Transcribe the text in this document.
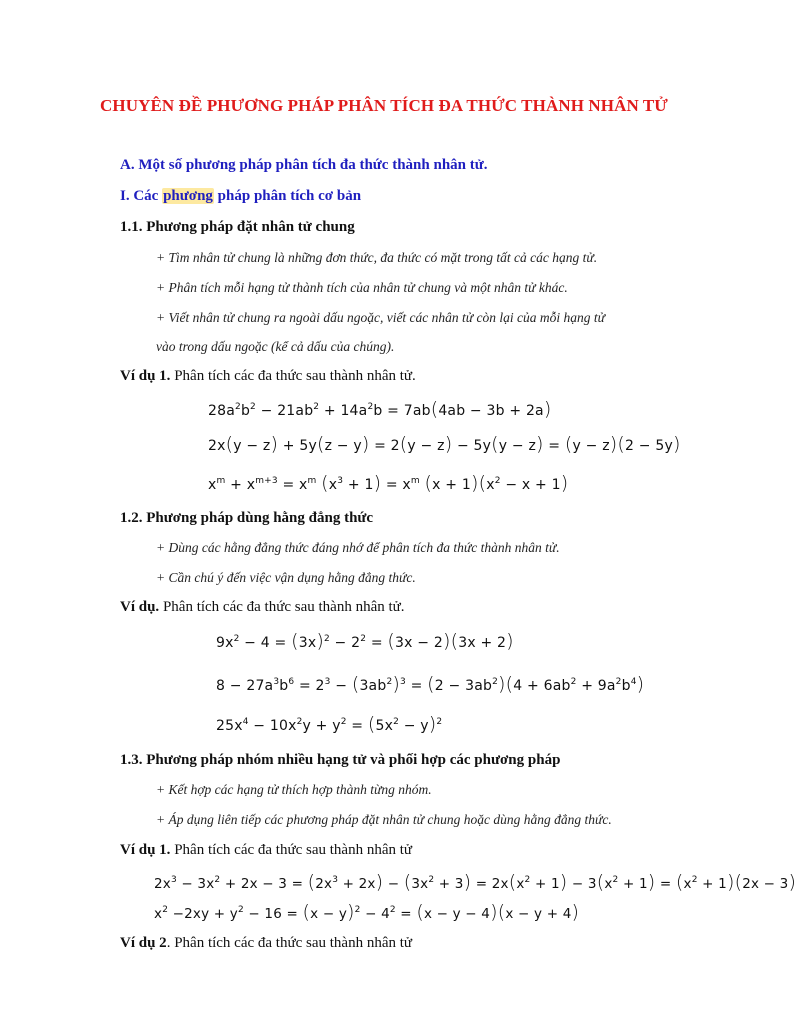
CHUYÊN ĐỀ PHƯƠNG PHÁP PHÂN TÍCH ĐA THỨC THÀNH NHÂN TỬ
A. Một số phương pháp phân tích đa thức thành nhân tử.
I. Các phương pháp phân tích cơ bản
1.1. Phương pháp đặt nhân tử chung
+ Tìm nhân tử chung là những đơn thức, đa thức có mặt trong tất cả các hạng tử.
+ Phân tích mỗi hạng tử thành tích của nhân tử chung và một nhân tử khác.
+ Viết nhân tử chung ra ngoài dấu ngoặc, viết các nhân tử còn lại của mỗi hạng tử
vào trong dấu ngoặc (kể cả dấu của chúng).
Ví dụ 1. Phân tích các đa thức sau thành nhân tử.
$28a^2b^2 - 21ab^2 + 14a^2b = 7ab(4ab - 3b + 2a)$
2x(y − z) + 5y(z − y) = 2(y − z) − 5y(y − z) = (y − z)(2 − 5y)
$x^m + x^{m+3} = x^m$ $(x^3 + 1) = x^m$ $(x + 1)(x^2 - x + 1)$
1.2. Phương pháp dùng hằng đẳng thức
+ Dùng các hằng đẳng thức đáng nhớ để phân tích đa thức thành nhân tử.
+ Cần chú ý đến việc vận dụng hằng đẳng thức.
Ví dụ. Phân tích các đa thức sau thành nhân tử.
$9x^2 - 4 = (3x)^2 - 2^2 = (3x - 2)(3x + 2)$
$8 - 27a^3b^6 = 2^3 - (3ab^2)^3 = (2 - 3ab^2)(4 + 6ab^2 + 9a^2b^4)$
$25x^4 - 10x^2y + y^2 = (5x^2 - y)^2$
1.3. Phương pháp nhóm nhiều hạng tử và phối hợp các phương pháp
+ Kết hợp các hạng tử thích hợp thành từng nhóm.
+ Áp dụng liên tiếp các phương pháp đặt nhân tử chung hoặc dùng hằng đẳng thức.
Ví dụ 1. Phân tích các đa thức sau thành nhân tử
$2x^3 - 3x^2 + 2x - 3 = (2x^3 + 2x) - (3x^2 + 3) = 2x(x^2 + 1) - 3(x^2 + 1) = (x^2 + 1)(2x - 3)$
$x^2 -2xy + y^2 - 16 = (x - y)^2 - 4^2 = (x - y - 4)(x - y + 4)$
Ví dụ 2. Phân tích các đa thức sau thành nhân tử
